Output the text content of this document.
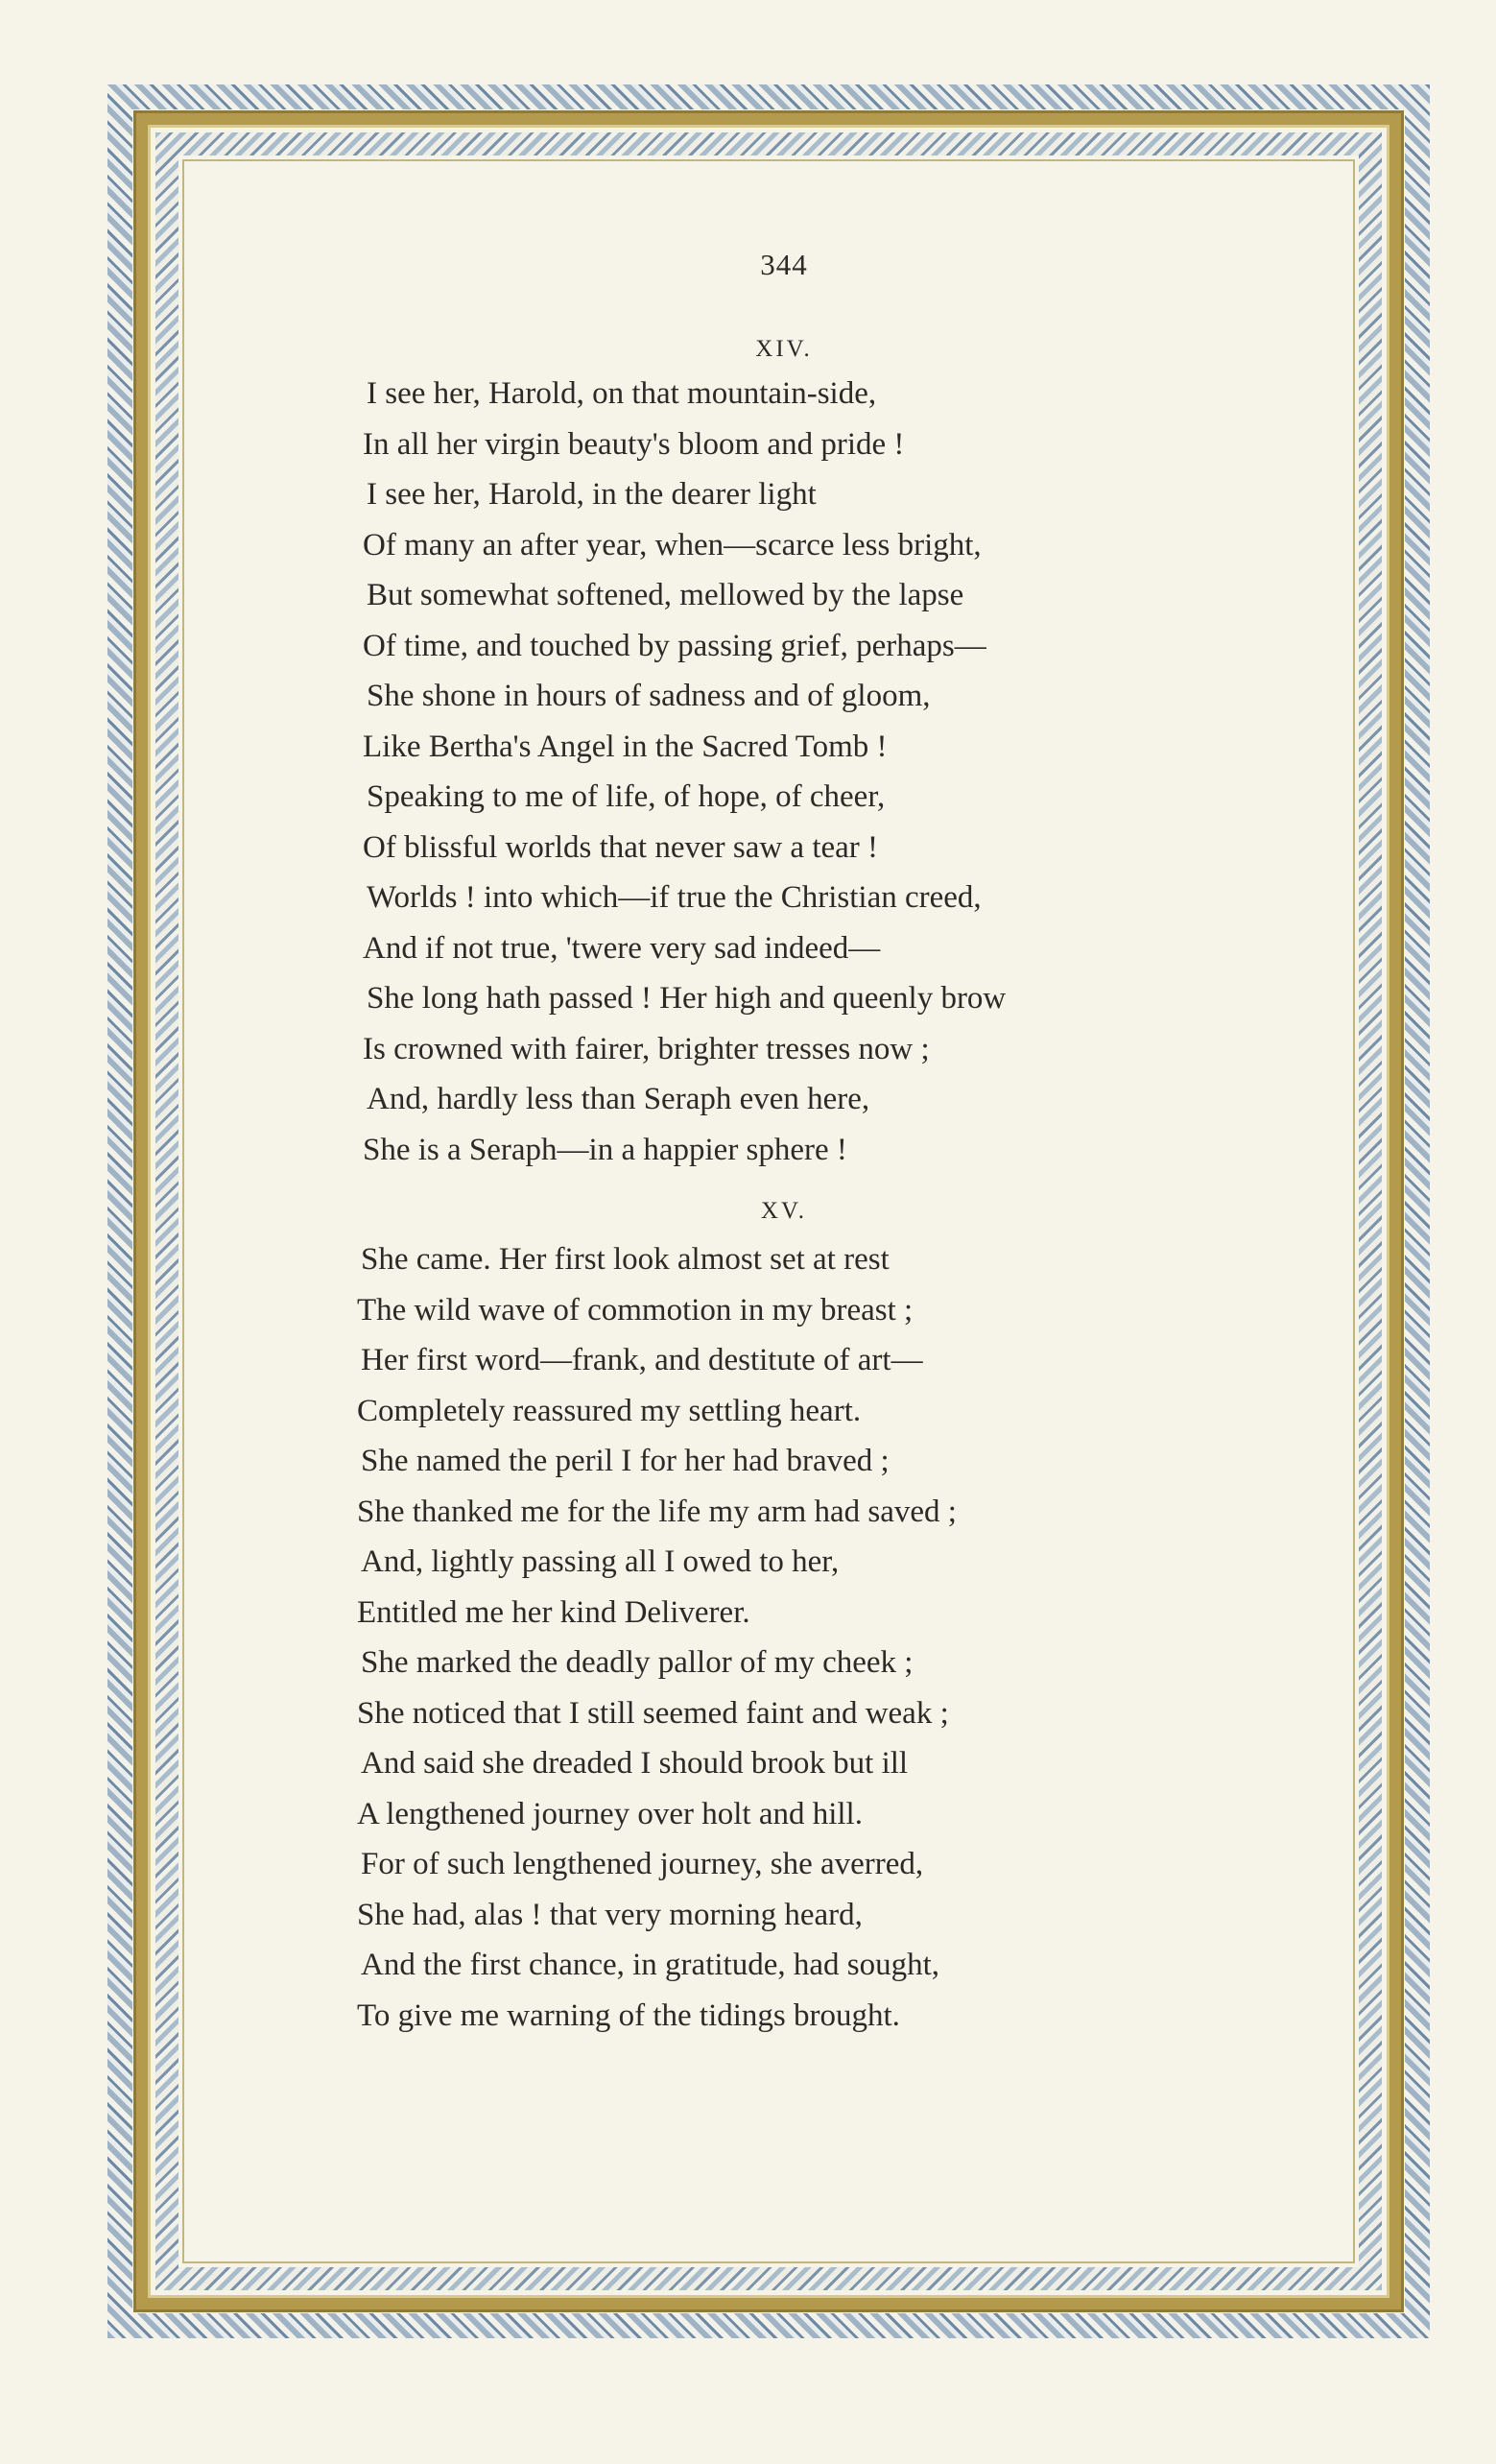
344
XIV.
I see her, Harold, on that mountain-side,
In all her virgin beauty's bloom and pride !
I see her, Harold, in the dearer light
Of many an after year, when—scarce less bright,
But somewhat softened, mellowed by the lapse
Of time, and touched by passing grief, perhaps—
She shone in hours of sadness and of gloom,
Like Bertha's Angel in the Sacred Tomb !
Speaking to me of life, of hope, of cheer,
Of blissful worlds that never saw a tear !
Worlds ! into which—if true the Christian creed,
And if not true, 'twere very sad indeed—
She long hath passed ! Her high and queenly brow
Is crowned with fairer, brighter tresses now ;
And, hardly less than Seraph even here,
She is a Seraph—in a happier sphere !
XV.
She came. Her first look almost set at rest
The wild wave of commotion in my breast ;
Her first word—frank, and destitute of art—
Completely reassured my settling heart.
She named the peril I for her had braved ;
She thanked me for the life my arm had saved ;
And, lightly passing all I owed to her,
Entitled me her kind Deliverer.
She marked the deadly pallor of my cheek ;
She noticed that I still seemed faint and weak ;
And said she dreaded I should brook but ill
A lengthened journey over holt and hill.
For of such lengthened journey, she averred,
She had, alas ! that very morning heard,
And the first chance, in gratitude, had sought,
To give me warning of the tidings brought.
